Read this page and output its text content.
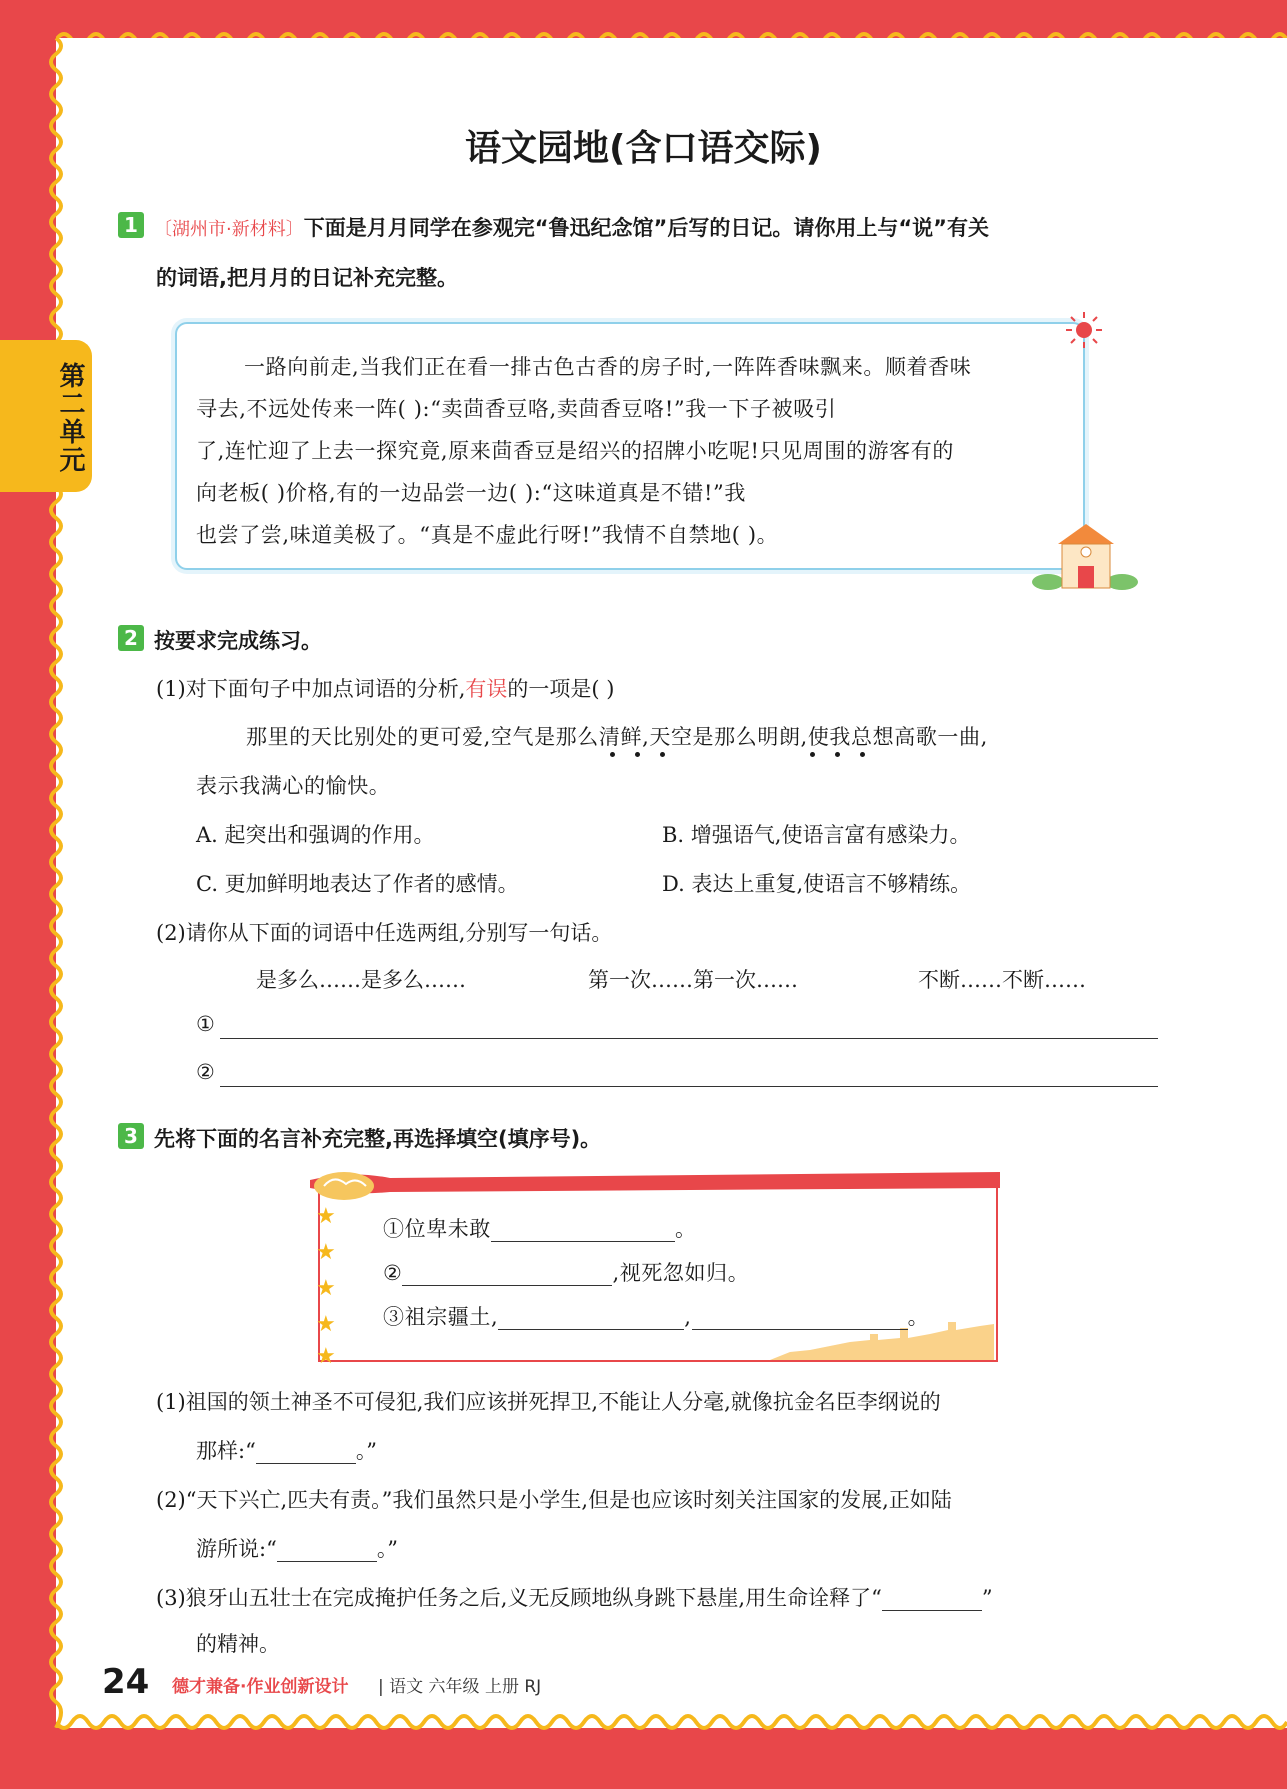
第二单元
语文园地(含口语交际)
1 〔湖州市·新材料〕下面是月月同学在参观完“鲁迅纪念馆”后写的日记。请你用上与“说”有关
的词语,把月月的日记补充完整。
一路向前走,当我们正在看一排古色古香的房子时,一阵阵香味飘来。顺着香味
寻去,不远处传来一阵( ):“卖茴香豆咯,卖茴香豆咯!”我一下子被吸引
了,连忙迎了上去一探究竟,原来茴香豆是绍兴的招牌小吃呢!只见周围的游客有的
向老板( )价格,有的一边品尝一边( ):“这味道真是不错!”我
也尝了尝,味道美极了。“真是不虚此行呀!”我情不自禁地( )。
2 按要求完成练习。
(1)对下面句子中加点词语的分析,有误的一项是( )
那里的天比别处的更可爱,空气是那么清鲜,天空是那么明朗,使我总想高歌一曲,
表示我满心的愉快。
A. 起突出和强调的作用。	B. 增强语气,使语言富有感染力。
C. 更加鲜明地表达了作者的感情。	D. 表达上重复,使语言不够精练。
(2)请你从下面的词语中任选两组,分别写一句话。
是多么……是多么……	第一次……第一次……	不断……不断……
①
②
3 先将下面的名言补充完整,再选择填空(填序号)。
★
★
★
★
★
①位卑未敢	。
②	,视死忽如归。
③祖宗疆土,	,	。
(1)祖国的领土神圣不可侵犯,我们应该拼死捍卫,不能让人分毫,就像抗金名臣李纲说的
那样:“	。”
(2)“天下兴亡,匹夫有责。”我们虽然只是小学生,但是也应该时刻关注国家的发展,正如陆
游所说:“	。”
(3)狼牙山五壮士在完成掩护任务之后,义无反顾地纵身跳下悬崖,用生命诠释了“	”
的精神。
24 德才兼备·作业创新设计 | 语文 六年级 上册 RJ
